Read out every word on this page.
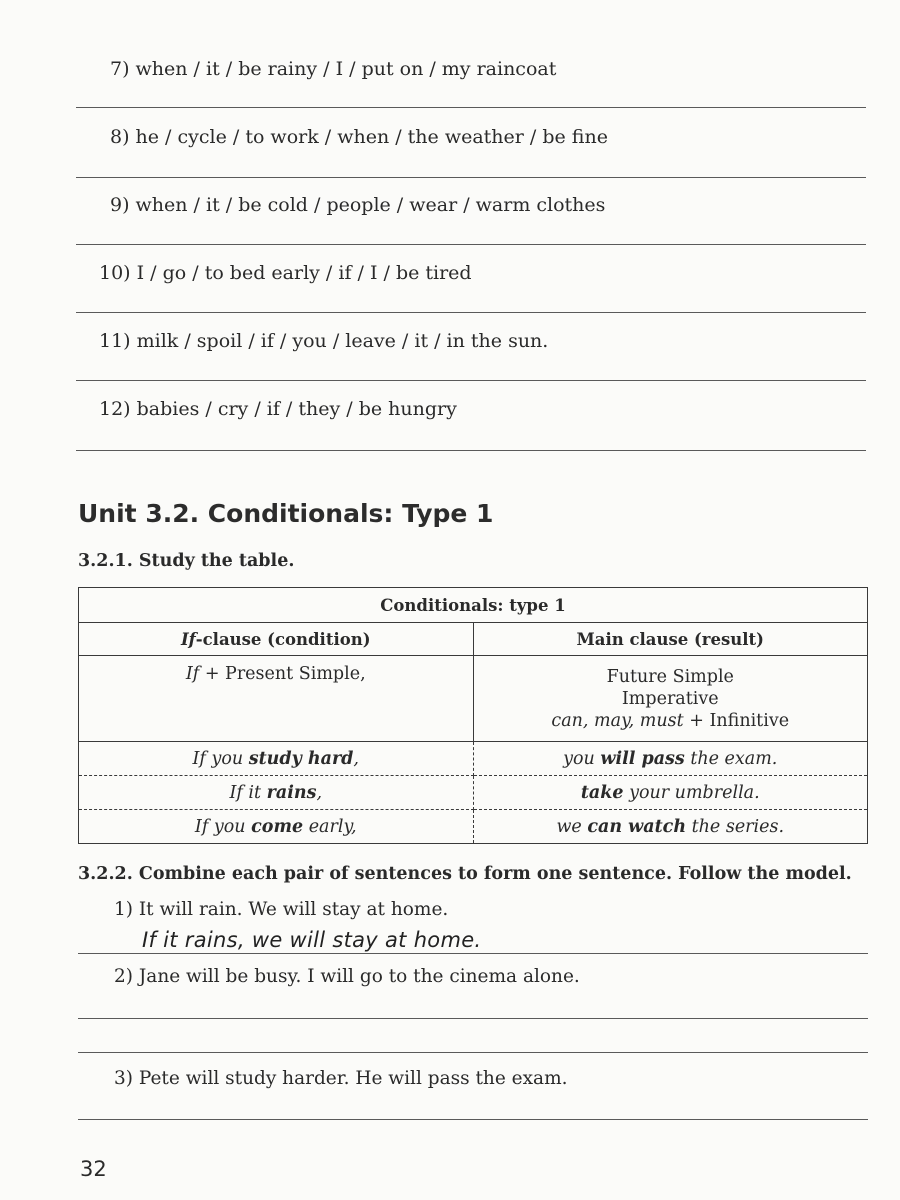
7) when / it / be rainy / I / put on / my raincoat
8) he / cycle / to work / when / the weather / be fine
9) when / it / be cold / people / wear / warm clothes
10) I / go / to bed early / if / I / be tired
11) milk / spoil / if / you / leave / it / in the sun.
12) babies / cry / if / they / be hungry
Unit 3.2. Conditionals: Type 1
3.2.1. Study the table.
Conditionals: type 1	
If-clause (condition)	Main clause (result)
If + Present Simple,	Future Simple
Imperative
can, may, must + Infinitive

If you study hard,	you will pass the exam.
If it rains,	take your umbrella.
If you come early,	we can watch the series.
3.2.2. Combine each pair of sentences to form one sentence. Follow the model.
1) It will rain. We will stay at home.
If it rains, we will stay at home.
2) Jane will be busy. I will go to the cinema alone.
3) Pete will study harder. He will pass the exam.
32
